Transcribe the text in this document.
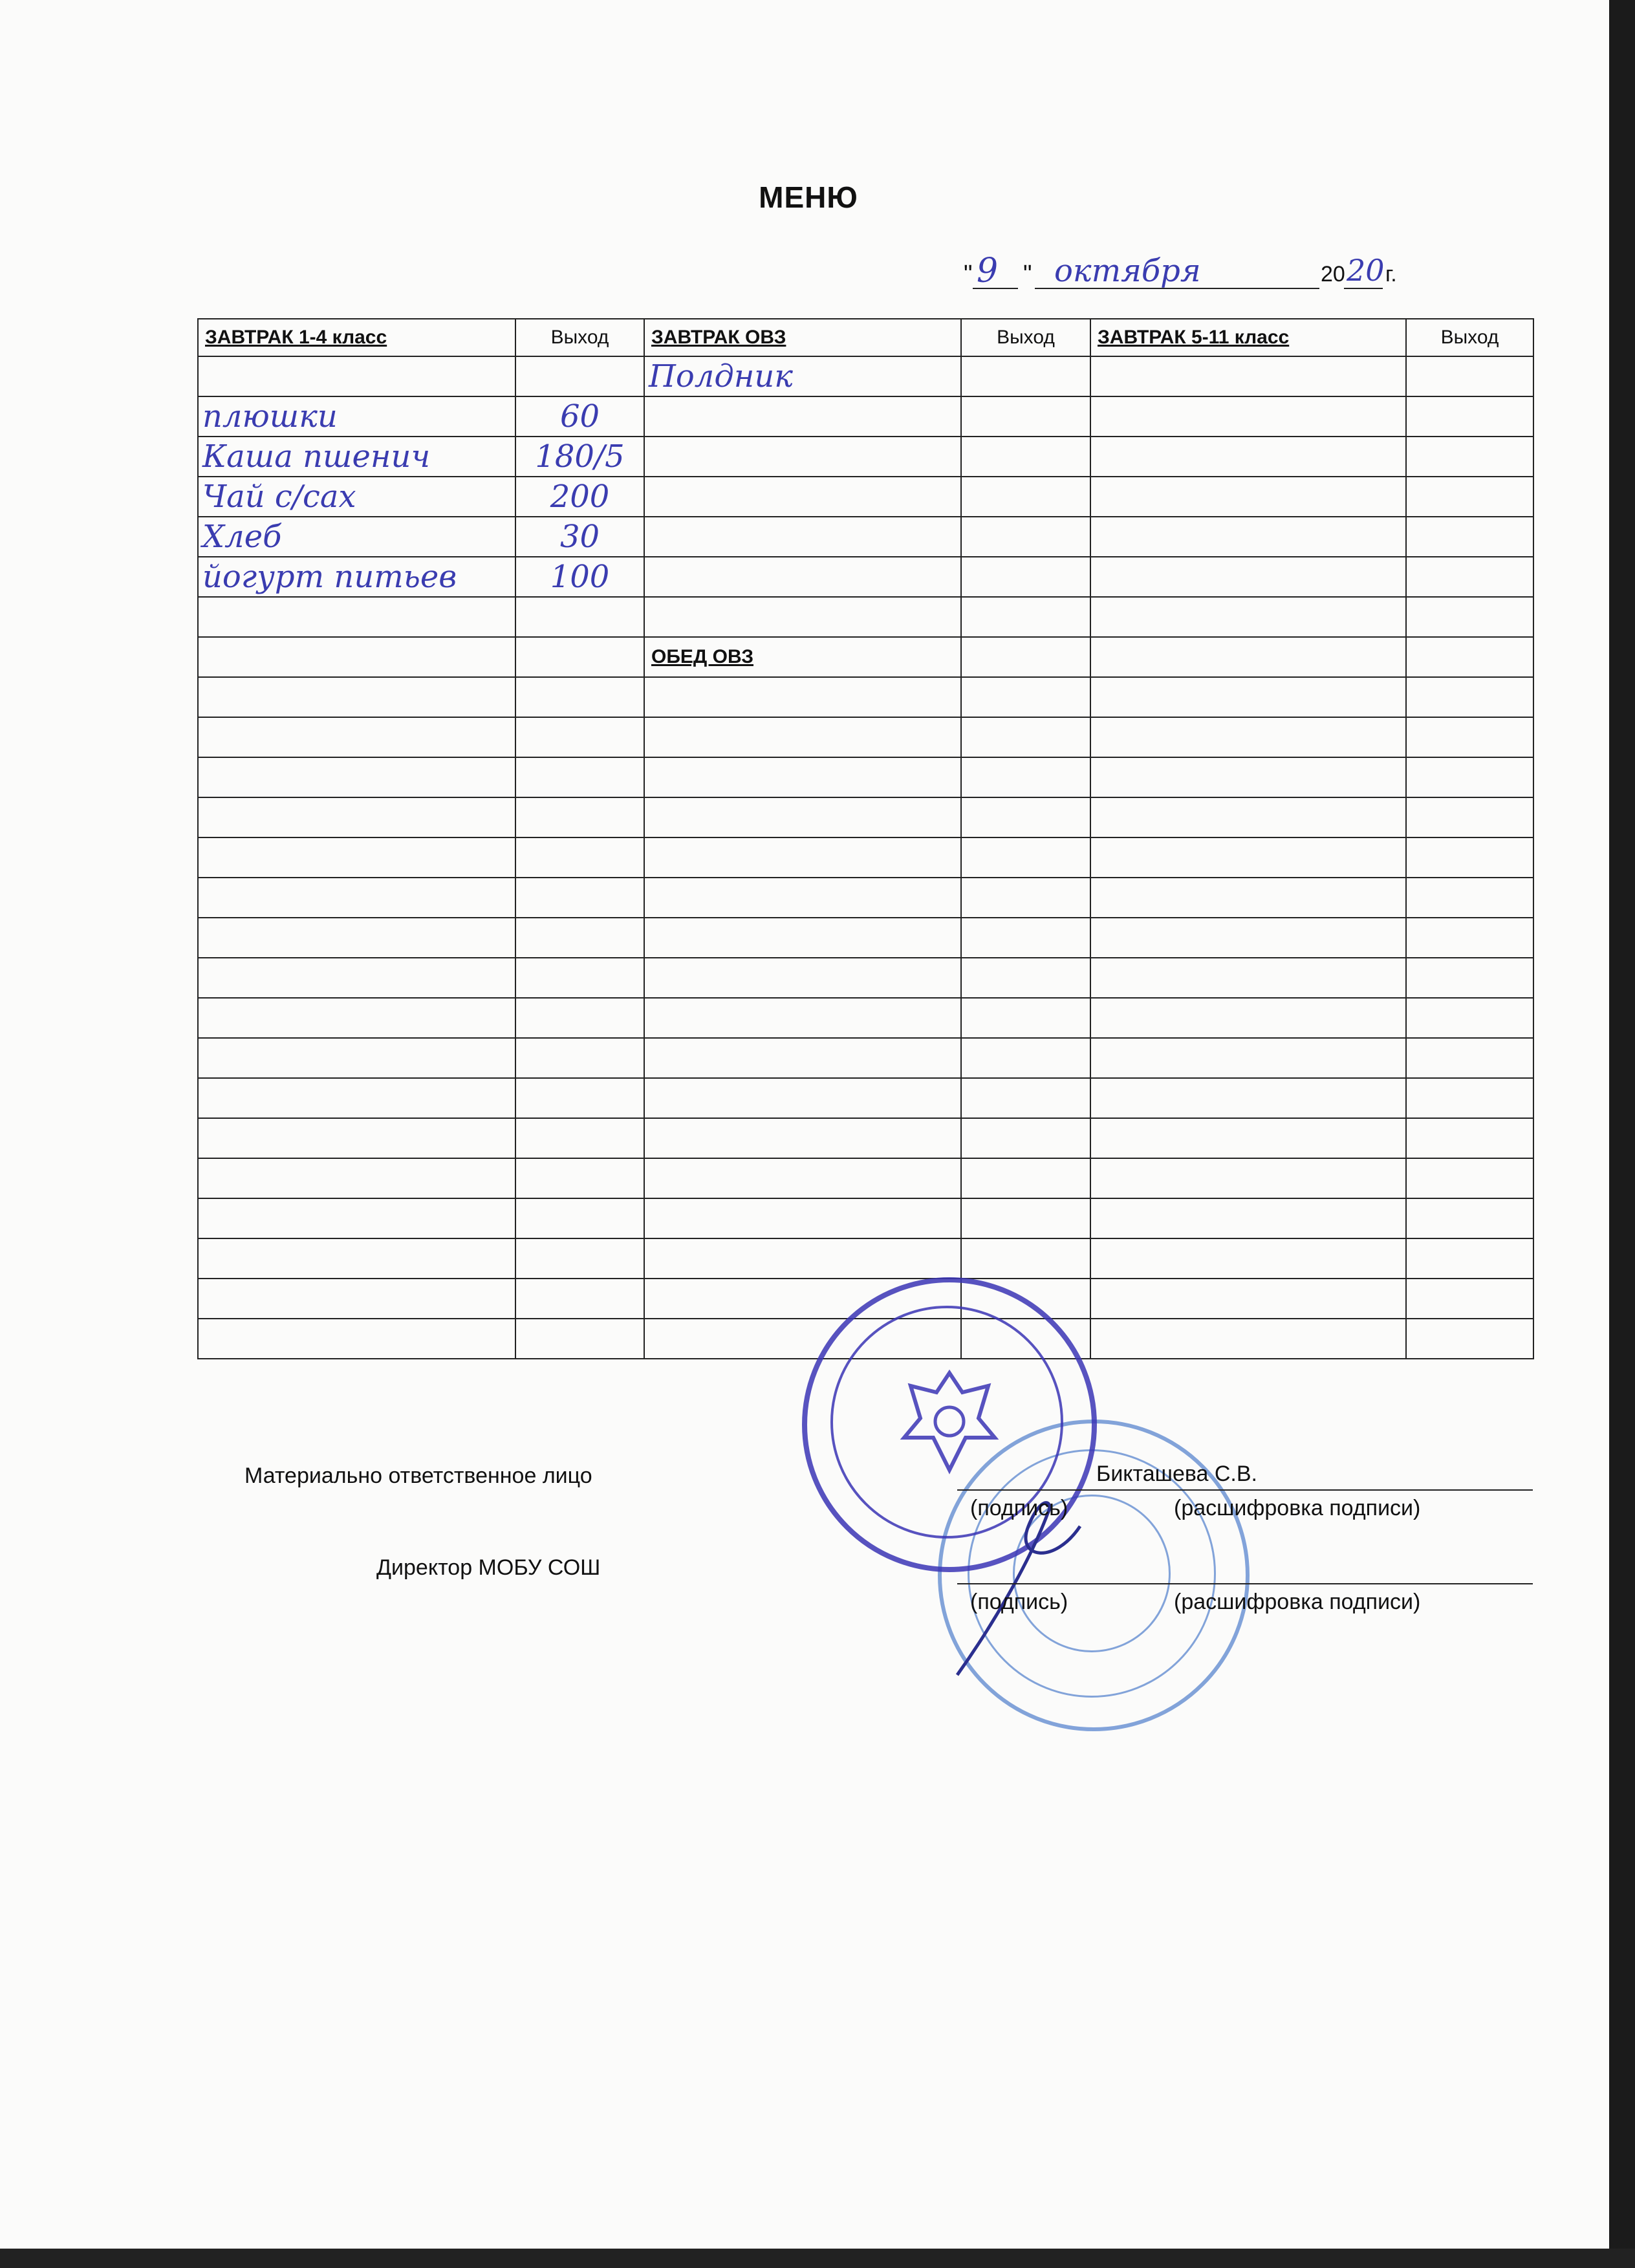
МЕНЮ
" 9 " октября	20 20 г.
ЗАВТРАК 1-4 класс	Выход	ЗАВТРАК ОВЗ	Выход	ЗАВТРАК 5-11 класс	Выход
		Полдник			
плюшки	60				
Каша пшенич	180/5				
Чай с/сах	200				
Хлеб	30				
йогурт питьев	100				

		ОБЕД ОВЗ			

Материально ответственное лицо	Бикташева С.В.
(подпись)	(расшифровка подписи)
Директор МОБУ СОШ
(подпись)	(расшифровка подписи)
